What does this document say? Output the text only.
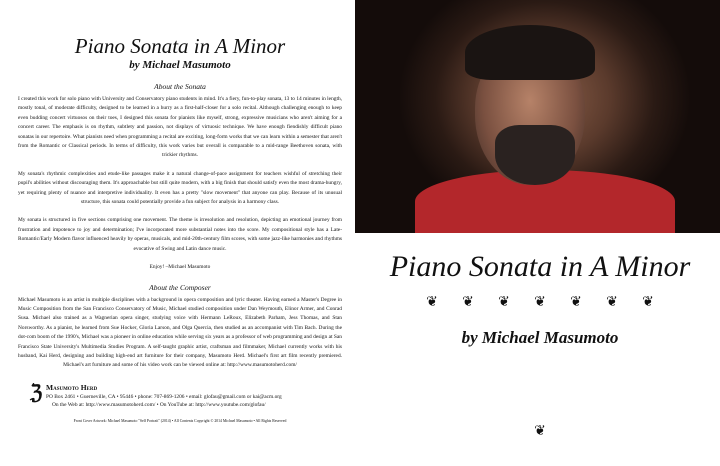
Piano Sonata in A Minor
by Michael Masumoto
About the Sonata

I created this work for solo piano with University and Conservatory piano students in mind. It's a fiery, fun-to-play sonata, 13 to 14 minutes in length, mostly tonal, of moderate difficulty, designed to be learned in a hurry as a first-half-closer for a solo recital. Although challenging enough to keep even budding concert virtuosos on their toes, I designed this sonata for pianists like myself, strong, expressive musicians who aren't aiming for a concert career. The emphasis is on rhythm, subtlety and passion, not displays of virtuosic technique. We have enough fiendishly difficult piano sonatas in our repertoire. What pianists need when programming a recital are exciting, long-form works that we can learn within a semester that aren't from the Romantic or Classical periods. In terms of difficulty, this work varies but overall is comparable to a mid-range Beethoven sonata, with trickier rhythms.

My sonata's rhythmic complexities and etude-like passages make it a natural change-of-pace assignment for teachers wishful of stretching their pupil's abilities without discouraging them. It's approachable but still quite modern, with a big finish that should satisfy even the most drama-hungry, yet requiring plenty of nuance and interpretive individuality. It even has a pretty "slow movement" that anyone can play. Because of its unusual structure, this sonata could potentially provide a fun subject for analysis in a harmony class.

My sonata is structured in five sections comprising one movement. The theme is irresolution and resolution, depicting an emotional journey from frustration and impotence to joy and determination; I've incorporated more substantial notes into the score. My compositional style has a Late-Romantic/Early Modern flavor influenced heavily by operas, musicals, and mid-20th-century film scores, with some jazz-like harmonies and rhythms evocative of Swing and Latin dance music.

Enjoy! –Michael Masumoto

About the Composer

Michael Masumoto is an artist in multiple disciplines with a background in opera composition and lyric theater. Having earned a Master's Degree in Music Composition from the San Francisco Conservatory of Music, Michael studied composition under Dan Weymouth, Elinor Armer, and Conrad Susa. Michael also trained as a Wagnerian opera singer, studying voice with Hermann LeRoux, Elizabeth Parham, Jess Thomas, and Stan Norsworthy. As a pianist, he learned from Sue Hocker, Gloria Larson, and Olga Quercia, then studied as an accompanist with Tim Bach. During the dot-com boom of the 1990's, Michael was a pioneer in online education while serving six years as a professor of web programming and design at San Francisco State University's Multimedia Studies Program. A self-taught graphic artist, craftsman and filmmaker, Michael currently works with his husband, Kai Herd, designing and building high-end art furniture for their company, Masumoto Herd. Michael's first art film recently premiered. Michael's art furniture and some of his video work can be viewed online at: http://www.masumotoherd.com/

ℨ Masumoto Herd
PO Box 2461 • Guerneville, CA • 95446 • phone: 707-869-1206 • email: glofau@gmail.com or kai@acm.org
On the Web at: http://www.masumotoherd.com/ • On YouTube at: http://www.youtube.com/glofau/
Front Cover Artwork: Michael Masumoto "Self Portrait" (2014) • All Contents Copyright © 2014 Michael Masumoto • All Rights Reserved
Piano Sonata in A Minor
❦ ❦ ❦ ❦ ❦ ❦ ❦
by Michael Masumoto
❦
